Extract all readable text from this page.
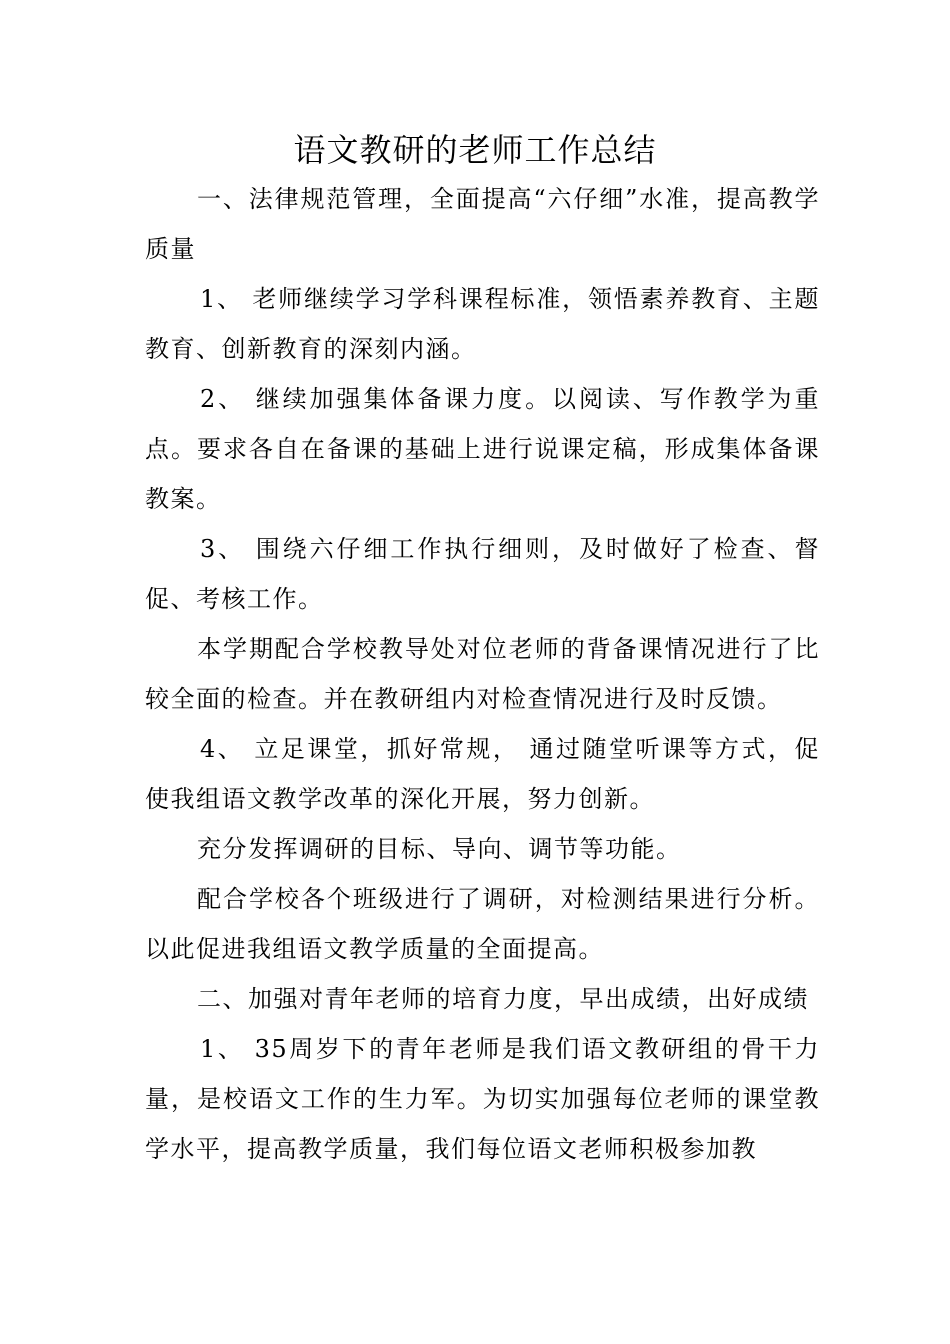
语文教研的老师工作总结

一、法律规范管理，全面提高“六仔细”水准，提高教学质量

1、 老师继续学习学科课程标准，领悟素养教育、主题教育、创新教育的深刻内涵。

2、 继续加强集体备课力度。以阅读、写作教学为重点。要求各自在备课的基础上进行说课定稿，形成集体备课教案。

3、 围绕六仔细工作执行细则，及时做好了检查、督促、考核工作。

本学期配合学校教导处对位老师的背备课情况进行了比较全面的检查。并在教研组内对检查情况进行及时反馈。

4、 立足课堂，抓好常规， 通过随堂听课等方式，促使我组语文教学改革的深化开展，努力创新。

充分发挥调研的目标、导向、调节等功能。

配合学校各个班级进行了调研，对检测结果进行分析。以此促进我组语文教学质量的全面提高。

二、加强对青年老师的培育力度，早出成绩，出好成绩

1、 35周岁下的青年老师是我们语文教研组的骨干力量，是校语文工作的生力军。为切实加强每位老师的课堂教学水平，提高教学质量，我们每位语文老师积极参加教
